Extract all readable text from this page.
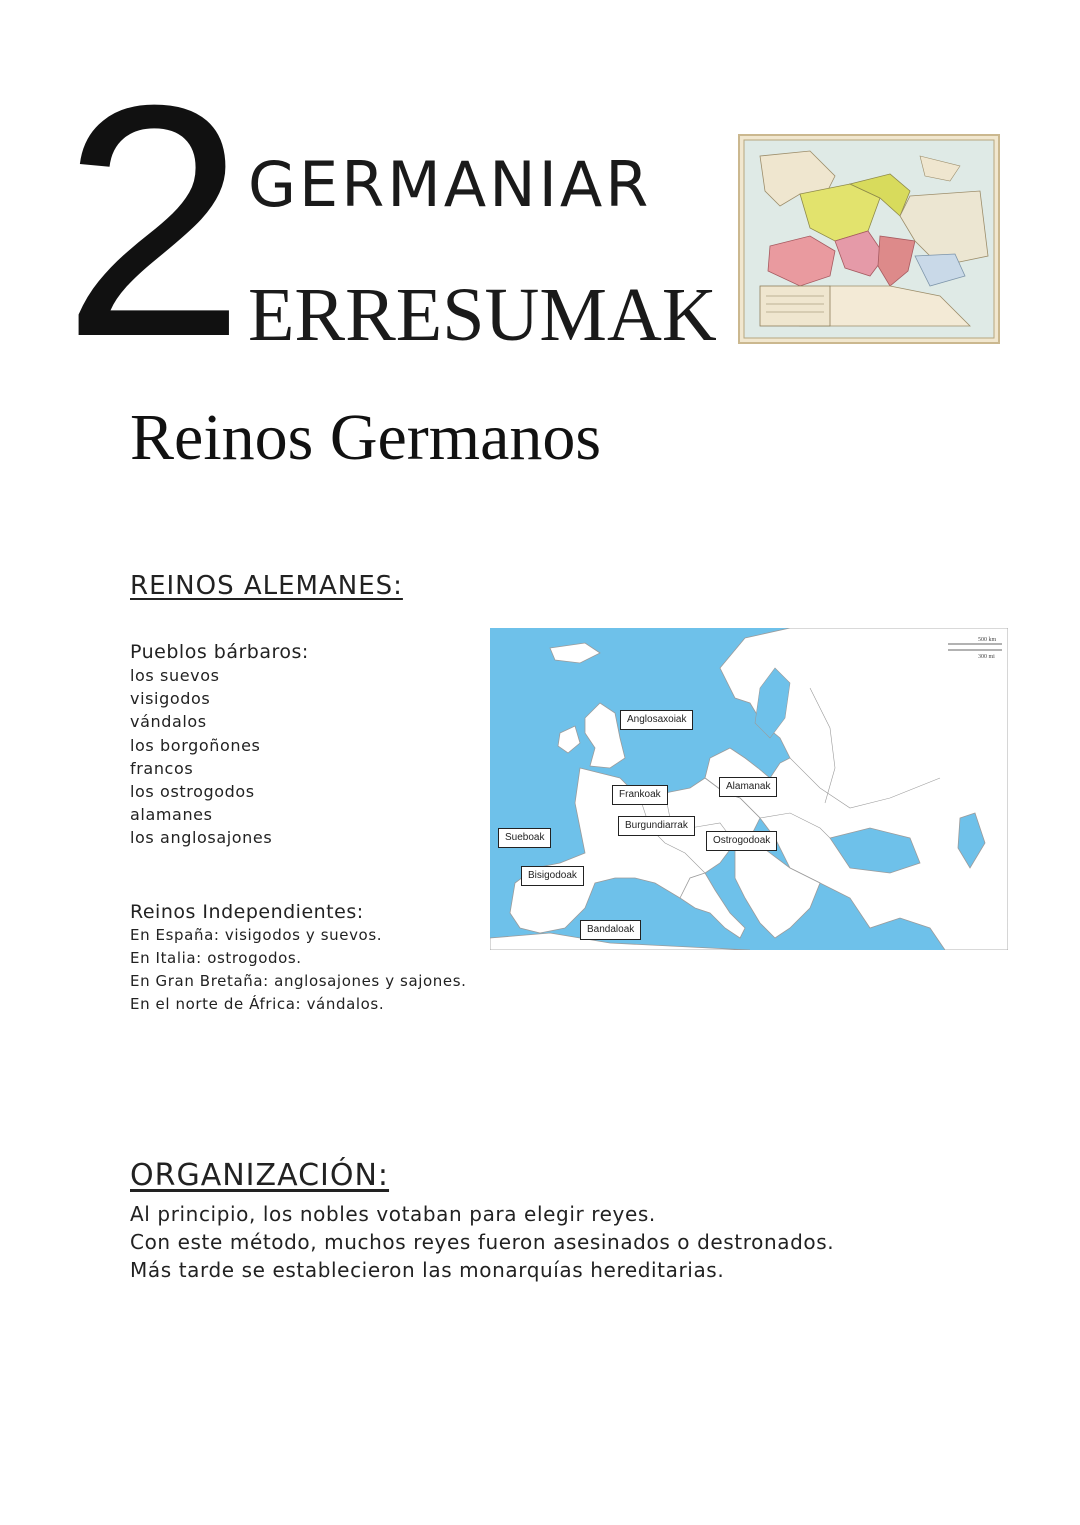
2 GERMANIAR
ERRESUMAK
Reinos Germanos
REINOS ALEMANES:
Pueblos bárbaros:
los suevos
visigodos
vándalos
los borgoñones
francos
los ostrogodos
alamanes
los anglosajones
500 km
300 mi
Anglosaxoiak
Frankoak
Alamanak
Burgundiarrak
Sueboak	Ostrogodoak
Bisigodoak
Bandaloak
Reinos Independientes:
En España: visigodos y suevos.
En Italia: ostrogodos.
En Gran Bretaña: anglosajones y sajones.
En el norte de África: vándalos.
ORGANIZACIÓN:

Al principio, los nobles votaban para elegir reyes.

Con este método, muchos reyes fueron asesinados o destronados.

Más tarde se establecieron las monarquías hereditarias.
